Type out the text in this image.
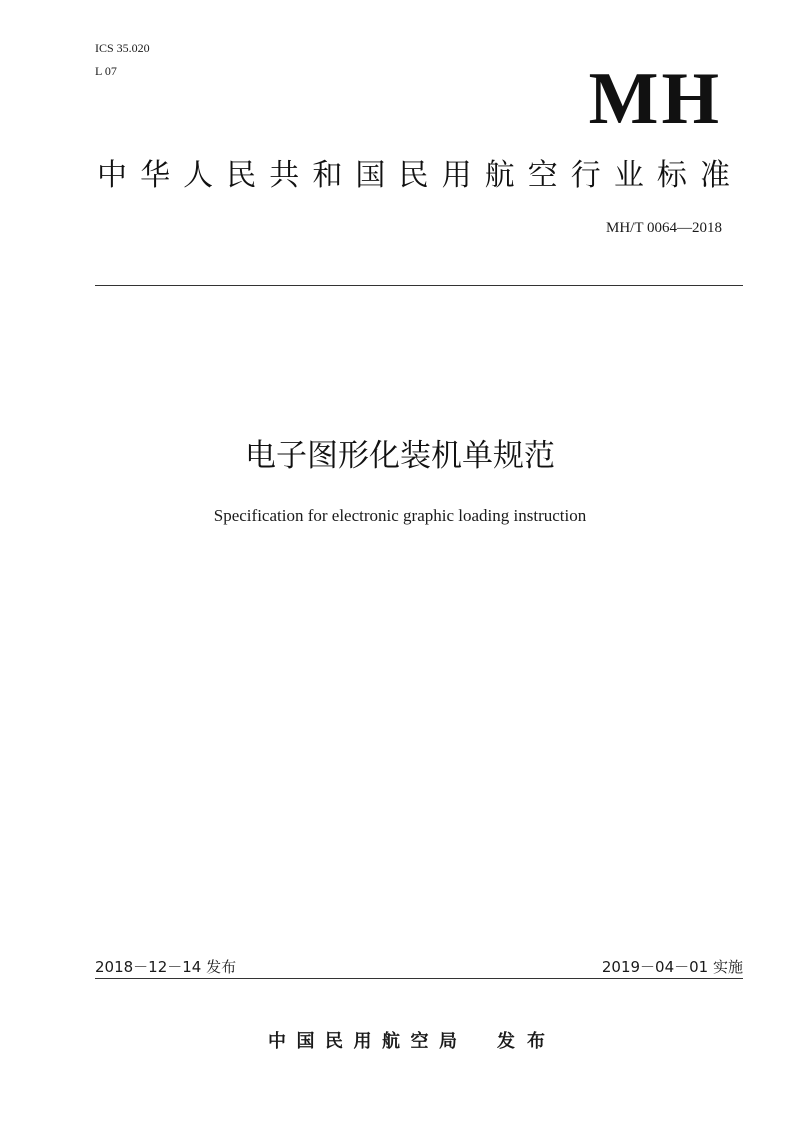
ICS 35.020
L 07	MH
中华人民共和国民用航空行业标准
MH/T 0064—2018
电子图形化装机单规范
Specification for electronic graphic loading instruction
2018－12－14 发布	2019－04－01 实施
中国民用航空局 发 布
